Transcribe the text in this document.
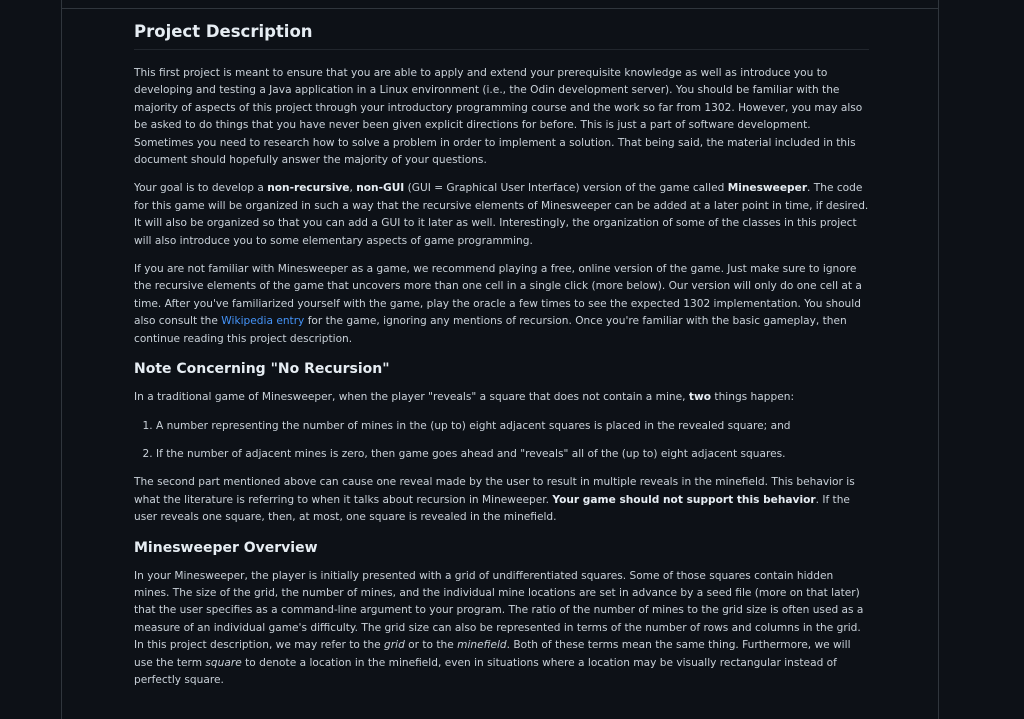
Project Description

This first project is meant to ensure that you are able to apply and extend your prerequisite knowledge as well as introduce you to developing and testing a Java application in a Linux environment (i.e., the Odin development server). You should be familiar with the majority of aspects of this project through your introductory programming course and the work so far from 1302. However, you may also be asked to do things that you have never been given explicit directions for before. This is just a part of software development. Sometimes you need to research how to solve a problem in order to implement a solution. That being said, the material included in this document should hopefully answer the majority of your questions.

Your goal is to develop a non-recursive, non-GUI (GUI = Graphical User Interface) version of the game called Minesweeper. The code for this game will be organized in such a way that the recursive elements of Minesweeper can be added at a later point in time, if desired. It will also be organized so that you can add a GUI to it later as well. Interestingly, the organization of some of the classes in this project will also introduce you to some elementary aspects of game programming.

If you are not familiar with Minesweeper as a game, we recommend playing a free, online version of the game. Just make sure to ignore the recursive elements of the game that uncovers more than one cell in a single click (more below). Our version will only do one cell at a time. After you've familiarized yourself with the game, play the oracle a few times to see the expected 1302 implementation. You should also consult the Wikipedia entry for the game, ignoring any mentions of recursion. Once you're familiar with the basic gameplay, then continue reading this project description.

Note Concerning "No Recursion"

In a traditional game of Minesweeper, when the player "reveals" a square that does not contain a mine, two things happen:

1. A number representing the number of mines in the (up to) eight adjacent squares is placed in the revealed square; and
2. If the number of adjacent mines is zero, then game goes ahead and "reveals" all of the (up to) eight adjacent squares.

The second part mentioned above can cause one reveal made by the user to result in multiple reveals in the minefield. This behavior is what the literature is referring to when it talks about recursion in Mineweeper. Your game should not support this behavior. If the user reveals one square, then, at most, one square is revealed in the minefield.

Minesweeper Overview

In your Minesweeper, the player is initially presented with a grid of undifferentiated squares. Some of those squares contain hidden mines. The size of the grid, the number of mines, and the individual mine locations are set in advance by a seed file (more on that later) that the user specifies as a command-line argument to your program. The ratio of the number of mines to the grid size is often used as a measure of an individual game's difficulty. The grid size can also be represented in terms of the number of rows and columns in the grid. In this project description, we may refer to the grid or to the minefield. Both of these terms mean the same thing. Furthermore, we will use the term square to denote a location in the minefield, even in situations where a location may be visually rectangular instead of perfectly square.
